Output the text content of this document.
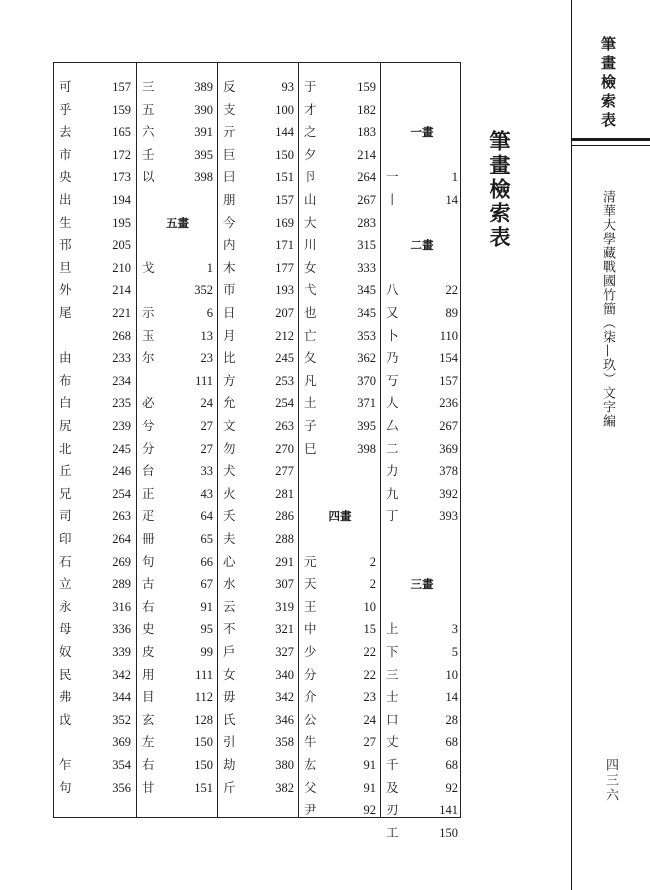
可	157
乎	159
去	165
市	172
央	173
出	194
生	195
邗	205
旦	210
外	214
尾	221
268
由	233
布	234
白	235
尻	239
北	245
丘	246
兄	254
司	263
印	264
石	269
立	289
永	316
母	336
奴	339
民	342
弗	344
戉	352
369
乍	354
句	356
三	389
五	390
六	391
壬	395
以	398
五畫
戈	1
352
示	6
玉	13
尔	23
111
必	24
兮	27
分	27
台	33
正	43
疋	64
冊	65
句	66
古	67
右	91
史	95
皮	99
用	111
目	112
玄	128
左	150
右	150
甘	151
反	93
支	100
亓	144
巨	150
曰	151
朋	157
今	169
内	171
木	177
帀	193
日	207
月	212
比	245
方	253
允	254
文	263
勿	270
犬	277
火	281
夭	286
夫	288
心	291
水	307
云	319
不	321
戶	327
女	340
毋	342
氏	346
引	358
劫	380
斤	382
于	159
才	182
之	183
夕	214
卪	264
山	267
大	283
川	315
女	333
弋	345
也	345
亡	353
夂	362
凡	370
土	371
子	395
巳	398
四畫
元	2
天	2
王	10
中	15
少	22
分	22
介	23
公	24
牛	27
厷	91
父	91
尹	92
一畫
一	1
丨	14
二畫
八	22
又	89
卜	110
乃	154
丂	157
人	236
厶	267
二	369
力	378
九	392
丁	393
三畫
上	3
下	5
三	10
士	14
口	28
丈	68
千	68
及	92
刃	141
工	150
筆畫檢索表
筆畫檢索表
清華大學藏戰國竹簡（柒—玖）文字編
四三六
